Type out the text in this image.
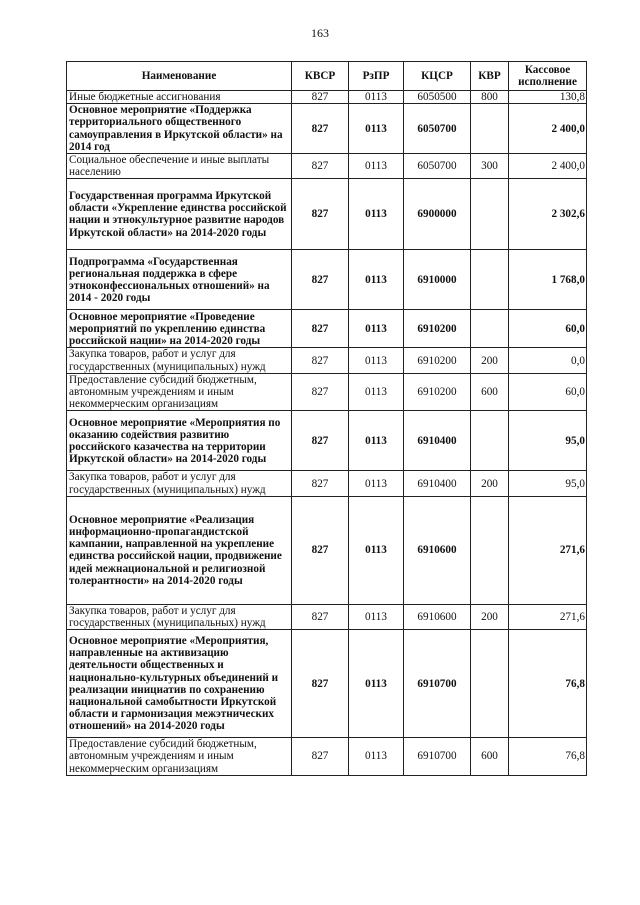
163
Наименование	КВСР	РзПР	КЦСР	КВР	Кассовое исполнение
Иные бюджетные ассигнования	827	0113	6050500	800	130,8
Основное мероприятие «Поддержка территориального общественного самоуправления в Иркутской области» на 2014 год	827	0113	6050700		2 400,0
Социальное обеспечение и иные выплаты населению	827	0113	6050700	300	2 400,0
Государственная программа Иркутской области «Укрепление единства российской нации и этнокультурное развитие народов Иркутской области» на 2014-2020 годы	827	0113	6900000		2 302,6
Подпрограмма «Государственная региональная поддержка в сфере этноконфессиональных отношений» на 2014 - 2020 годы	827	0113	6910000		1 768,0
Основное мероприятие «Проведение мероприятий по укреплению единства российской нации» на 2014-2020 годы	827	0113	6910200		60,0
Закупка товаров, работ и услуг для государственных (муниципальных) нужд	827	0113	6910200	200	0,0
Предоставление субсидий бюджетным, автономным учреждениям и иным некоммерческим организациям	827	0113	6910200	600	60,0
Основное мероприятие «Мероприятия по оказанию содействия развитию российского казачества на территории Иркутской области» на 2014-2020 годы	827	0113	6910400		95,0
Закупка товаров, работ и услуг для государственных (муниципальных) нужд	827	0113	6910400	200	95,0
Основное мероприятие «Реализация информационно-пропагандистской кампании, направленной на укрепление единства российской нации, продвижение идей межнациональной и религиозной толерантности» на 2014-2020 годы	827	0113	6910600		271,6
Закупка товаров, работ и услуг для государственных (муниципальных) нужд	827	0113	6910600	200	271,6
Основное мероприятие «Мероприятия, направленные на активизацию деятельности общественных и национально-культурных объединений и реализации инициатив по сохранению национальной самобытности Иркутской области и гармонизация межэтнических отношений» на 2014-2020 годы	827	0113	6910700		76,8
Предоставление субсидий бюджетным, автономным учреждениям и иным некоммерческим организациям	827	0113	6910700	600	76,8
